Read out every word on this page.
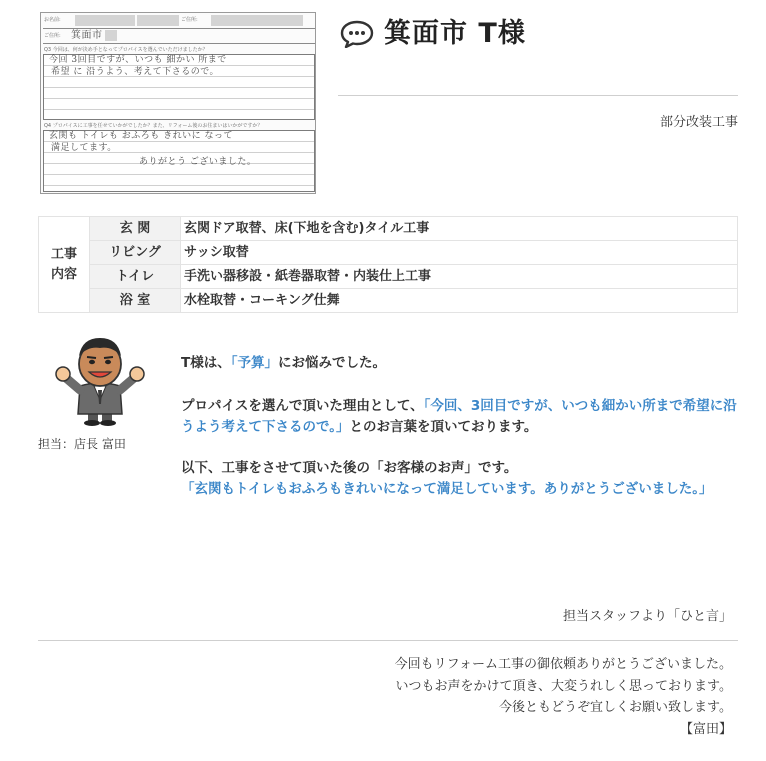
お名前:	ご住所:
ご住所: 箕面市
Q3 今回は、何が決め手となってプロパイスを選んでいただけましたか？
今回 3回目ですが、いつも 細かい 所まで
希望 に 沿うよう、考えて下さるので。
Q4 プロパイスに工事を任せていかがでしたか？また、リフォーム後のお住まいはいかがですか？
玄関も トイレも おふろも きれいに なって
満足してます。
ありがとう ございました。
箕面市 T様
部分改装工事
工事
内容	玄 関	玄関ドア取替、床(下地を含む)タイル工事
	リビング	サッシ取替
	トイレ	手洗い器移設・紙巻器取替・内装仕上工事
	浴 室	水栓取替・コーキング仕舞
担当：店長 富田
T様は、「予算」にお悩みでした。
プロパイスを選んで頂いた理由として、「今回、3回目ですが、いつも細かい所まで希望に沿うよう考えて下さるので。」とのお言葉を頂いております。
以下、工事をさせて頂いた後の「お客様のお声」です。
「玄関もトイレもおふろもきれいになって満足しています。ありがとうございました。」
担当スタッフより「ひと言」
今回もリフォーム工事の御依頼ありがとうございました。
いつもお声をかけて頂き、大変うれしく思っております。
今後ともどうぞ宜しくお願い致します。
【富田】
